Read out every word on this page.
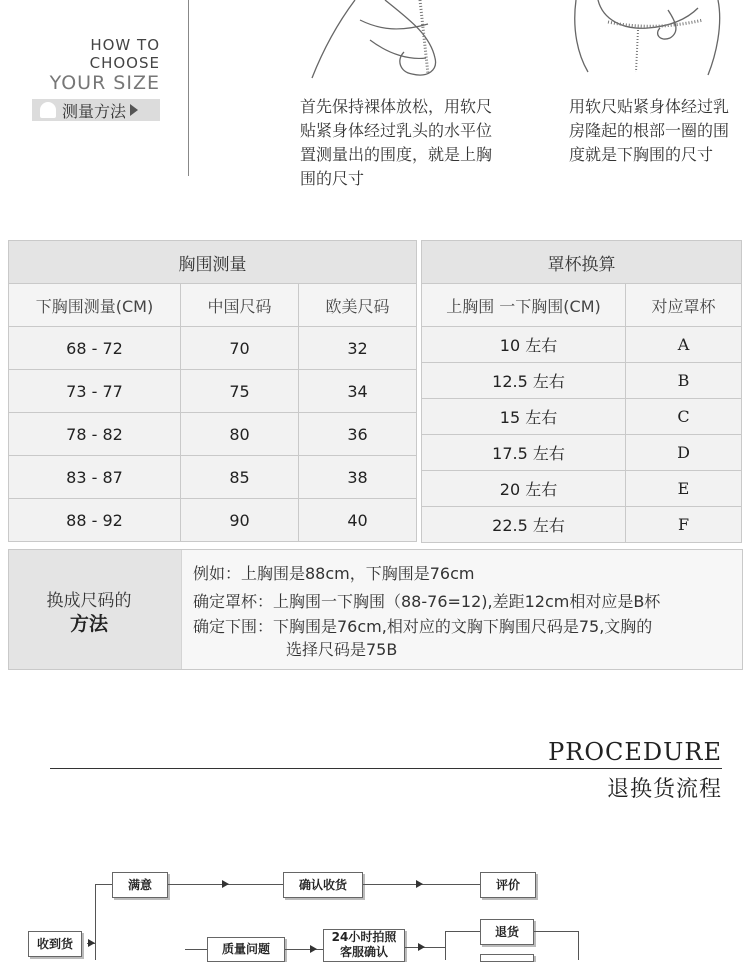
HOW TO
CHOOSE
YOUR SIZE
测量方法	首先保持裸体放松，用软尺贴紧身体经过乳头的水平位置测量出的围度，就是上胸围的尺寸
用软尺贴紧身体经过乳房隆起的根部一圈的围度就是下胸围的尺寸
胸围测量		
下胸围测量(CM)	中国尺码	欧美尺码
68 - 72	70	32
73 - 77	75	34
78 - 82	80	36
83 - 87	85	38
88 - 92	90	40
罩杯换算	
上胸围 一下胸围(CM)	对应罩杯
10 左右	A
12.5 左右	B
15 左右	C
17.5 左右	D
20 左右	E
22.5 左右	F
换成尺码的
方法
例如：上胸围是88cm，下胸围是76cm
确定罩杯：上胸围一下胸围（88-76=12),差距12cm相对应是B杯
确定下围：下胸围是76cm,相对应的文胸下胸围尺码是75,文胸的
选择尺码是75B
PROCEDURE
退换货流程
收到货
满意	确认收货	评价
质量问题
24小时拍照
客服确认
退货
